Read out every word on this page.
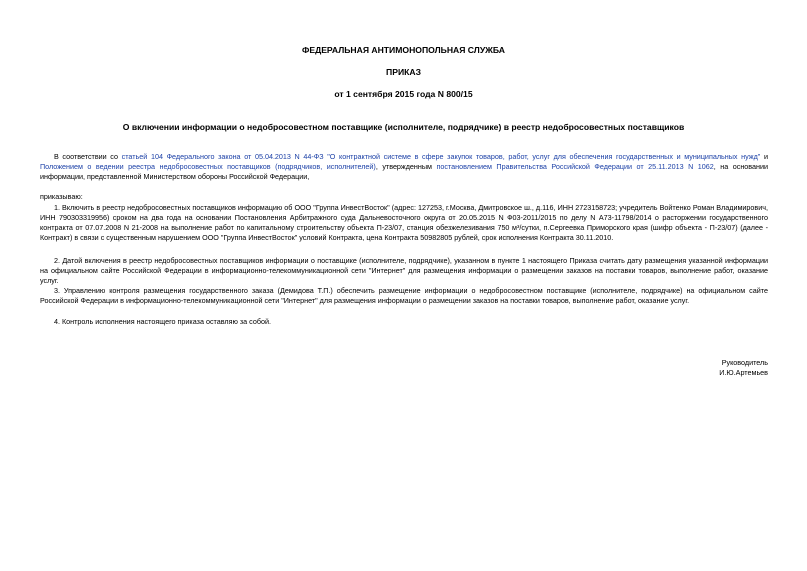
ФЕДЕРАЛЬНАЯ АНТИМОНОПОЛЬНАЯ СЛУЖБА
ПРИКАЗ
от 1 сентября 2015 года N 800/15
О включении информации о недобросовестном поставщике (исполнителе, подрядчике) в реестр недобросовестных поставщиков

В соответствии со статьей 104 Федерального закона от 05.04.2013 N 44-ФЗ "О контрактной системе в сфере закупок товаров, работ, услуг для обеспечения государственных и муниципальных нужд" и Положением о ведении реестра недобросовестных поставщиков (подрядчиков, исполнителей), утвержденным постановлением Правительства Российской Федерации от 25.11.2013 N 1062, на основании информации, представленной Министерством обороны Российской Федерации,

приказываю:

1. Включить в реестр недобросовестных поставщиков информацию об ООО "Группа ИнвестВосток" (адрес: 127253, г.Москва, Дмитровское ш., д.116, ИНН 2723158723; учредитель Войтенко Роман Владимирович, ИНН 790303319956) сроком на два года на основании Постановления Арбитражного суда Дальневосточного округа от 20.05.2015 N Ф03-2011/2015 по делу N А73-11798/2014 о расторжении государственного контракта от 07.07.2008 N 21-2008 на выполнение работ по капитальному строительству объекта П-23/07, станция обезжелезивания 750 м³/сутки, п.Сергеевка Приморского края (шифр объекта - П-23/07) (далее - Контракт) в связи с существенным нарушением ООО "Группа ИнвестВосток" условий Контракта, цена Контракта 50982805 рублей, срок исполнения Контракта 30.11.2010.

2. Датой включения в реестр недобросовестных поставщиков информации о поставщике (исполнителе, подрядчике), указанном в пункте 1 настоящего Приказа считать дату размещения указанной информации на официальном сайте Российской Федерации в информационно-телекоммуникационной сети "Интернет" для размещения информации о размещении заказов на поставки товаров, выполнение работ, оказание услуг.

3. Управлению контроля размещения государственного заказа (Демидова Т.П.) обеспечить размещение информации о недобросовестном поставщике (исполнителе, подрядчике) на официальном сайте Российской Федерации в информационно-телекоммуникационной сети "Интернет" для размещения информации о размещении заказов на поставки товаров, выполнение работ, оказание услуг.

4. Контроль исполнения настоящего приказа оставляю за собой.

Руководитель
И.Ю.Артемьев
